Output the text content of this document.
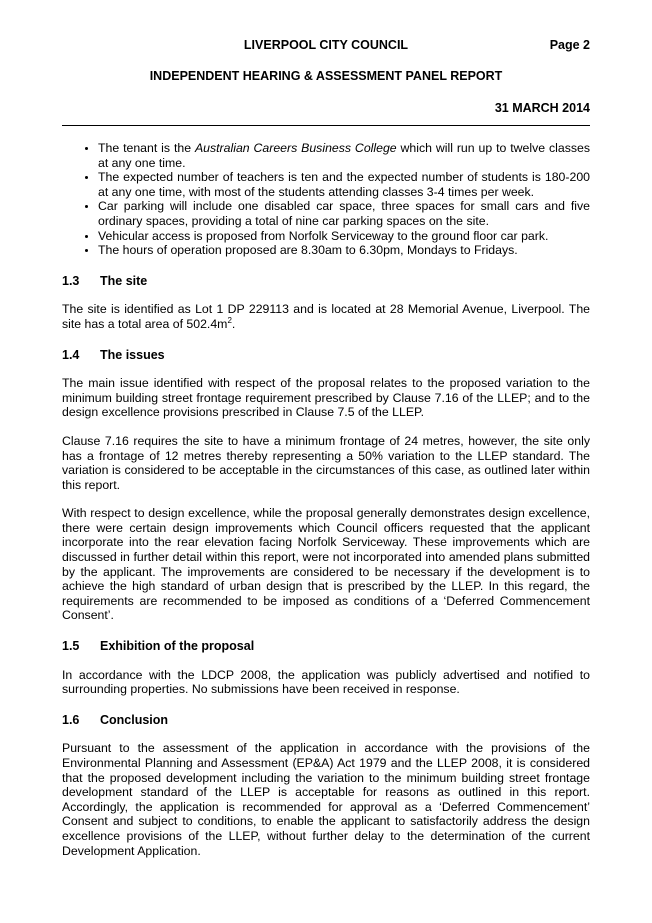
LIVERPOOL CITY COUNCIL	Page 2
INDEPENDENT HEARING & ASSESSMENT PANEL REPORT
31 MARCH 2014
• The tenant is the Australian Careers Business College which will run up to twelve classes at any one time.
• The expected number of teachers is ten and the expected number of students is 180-200 at any one time, with most of the students attending classes 3-4 times per week.
• Car parking will include one disabled car space, three spaces for small cars and five ordinary spaces, providing a total of nine car parking spaces on the site.
• Vehicular access is proposed from Norfolk Serviceway to the ground floor car park.
• The hours of operation proposed are 8.30am to 6.30pm, Mondays to Fridays.
1.3 The site

The site is identified as Lot 1 DP 229113 and is located at 28 Memorial Avenue, Liverpool. The site has a total area of $502.4m^2$.

1.4 The issues

The main issue identified with respect of the proposal relates to the proposed variation to the minimum building street frontage requirement prescribed by Clause 7.16 of the LLEP; and to the design excellence provisions prescribed in Clause 7.5 of the LLEP.

Clause 7.16 requires the site to have a minimum frontage of 24 metres, however, the site only has a frontage of 12 metres thereby representing a 50% variation to the LLEP standard. The variation is considered to be acceptable in the circumstances of this case, as outlined later within this report.

With respect to design excellence, while the proposal generally demonstrates design excellence, there were certain design improvements which Council officers requested that the applicant incorporate into the rear elevation facing Norfolk Serviceway. These improvements which are discussed in further detail within this report, were not incorporated into amended plans submitted by the applicant. The improvements are considered to be necessary if the development is to achieve the high standard of urban design that is prescribed by the LLEP. In this regard, the requirements are recommended to be imposed as conditions of a ‘Deferred Commencement Consent’.

1.5 Exhibition of the proposal

In accordance with the LDCP 2008, the application was publicly advertised and notified to surrounding properties. No submissions have been received in response.

1.6 Conclusion

Pursuant to the assessment of the application in accordance with the provisions of the Environmental Planning and Assessment (EP&A) Act 1979 and the LLEP 2008, it is considered that the proposed development including the variation to the minimum building street frontage development standard of the LLEP is acceptable for reasons as outlined in this report. Accordingly, the application is recommended for approval as a ‘Deferred Commencement’ Consent and subject to conditions, to enable the applicant to satisfactorily address the design excellence provisions of the LLEP, without further delay to the determination of the current Development Application.
